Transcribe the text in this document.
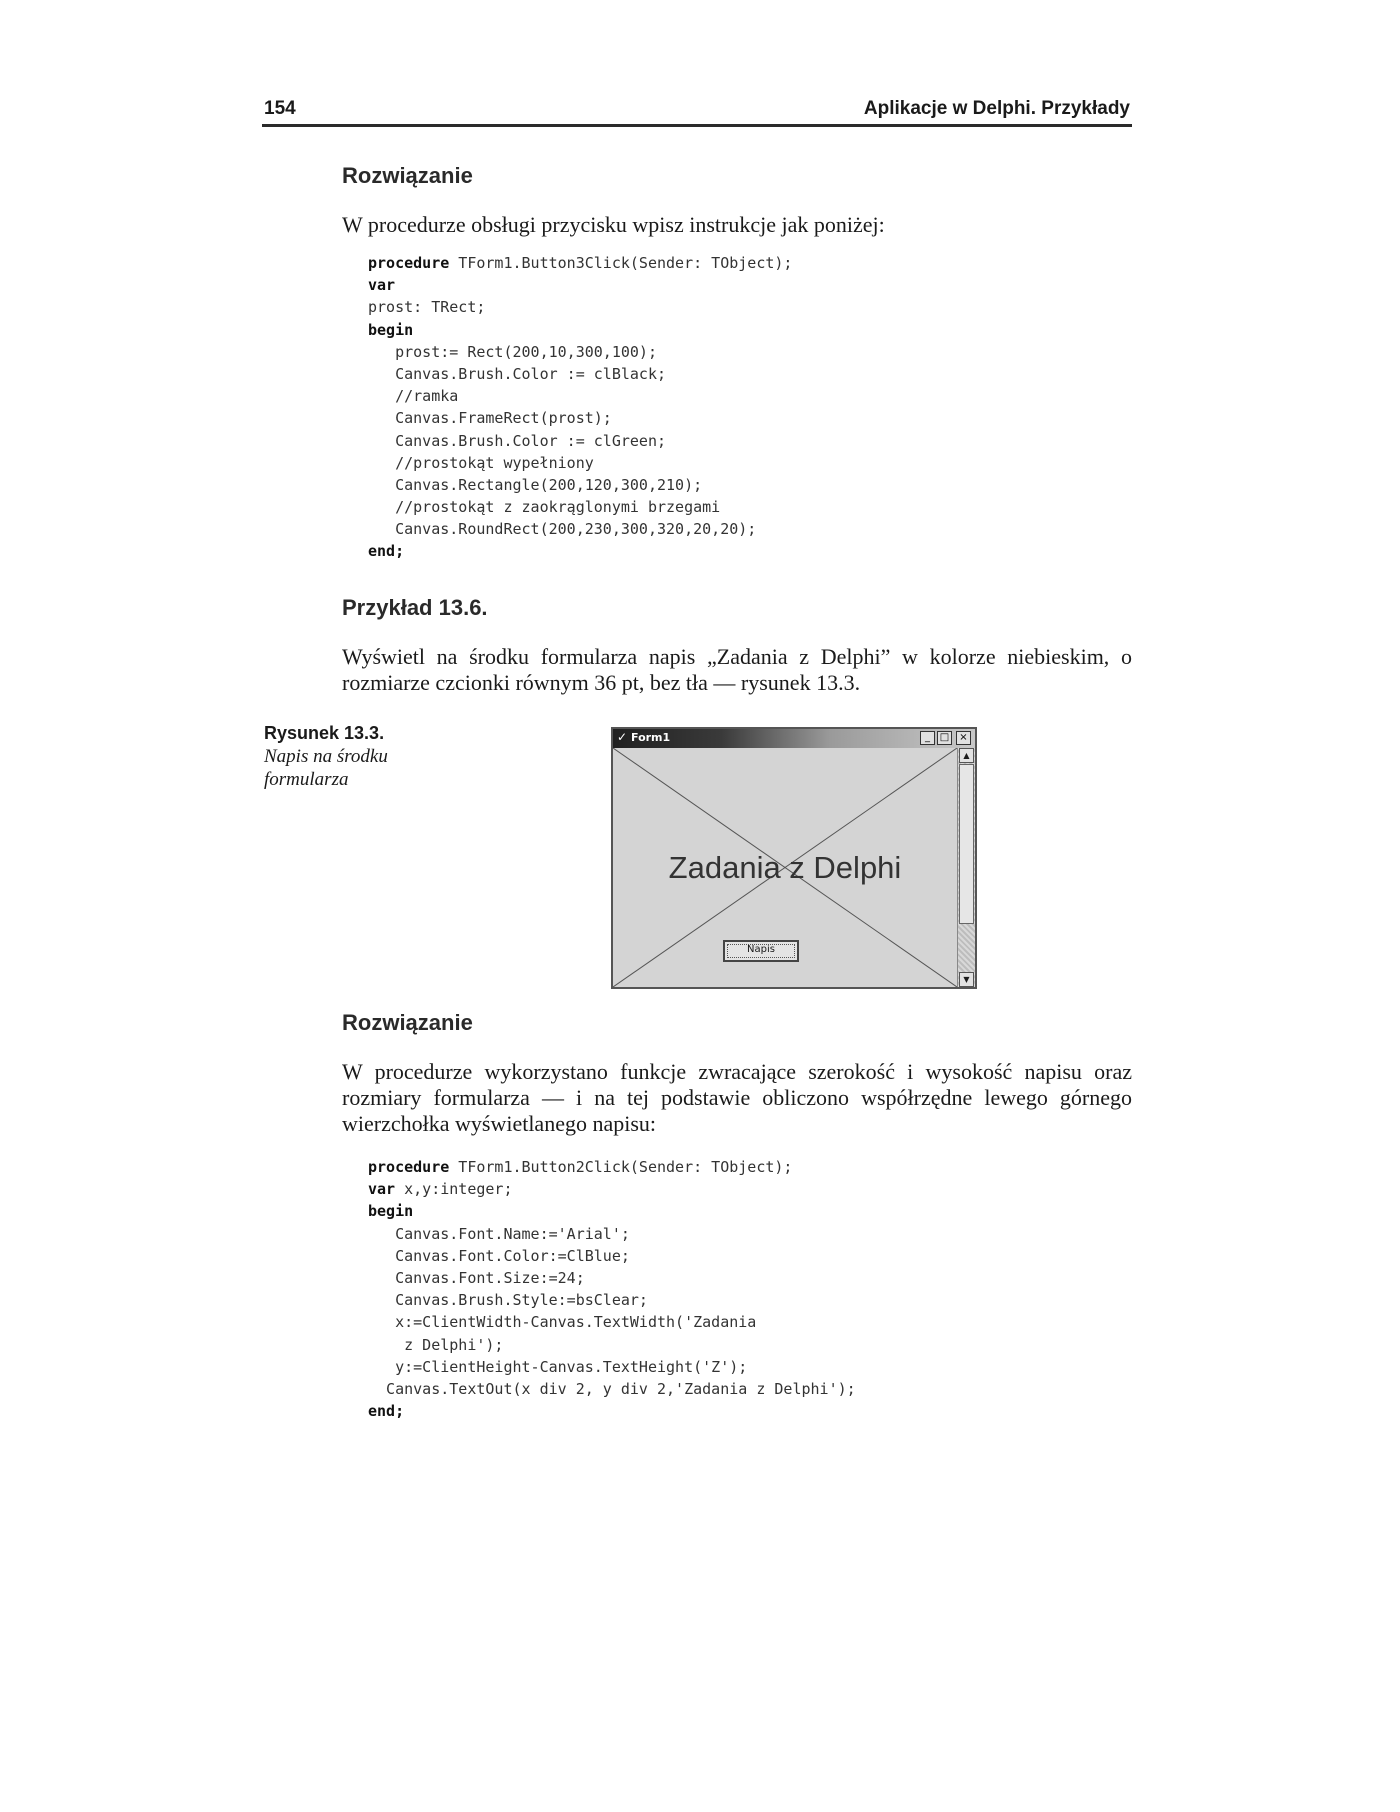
154	Aplikacje w Delphi. Przykłady
Rozwiązanie
W procedurze obsługi przycisku wpisz instrukcje jak poniżej:
procedure TForm1.Button3Click(Sender: TObject);
var
prost: TRect;
begin
prost:= Rect(200,10,300,100);
Canvas.Brush.Color := clBlack;
//ramka
Canvas.FrameRect(prost);
Canvas.Brush.Color := clGreen;
//prostokąt wypełniony
Canvas.Rectangle(200,120,300,210);
//prostokąt z zaokrąglonymi brzegami
Canvas.RoundRect(200,230,300,320,20,20);
end;
Przykład 13.6.
Wyświetl na środku formularza napis „Zadania z Delphi” w kolorze niebieskim, o rozmiarze czcionki równym 36 pt, bez tła — rysunek 13.3.
Rysunek 13.3.
Napis na środku formularza
✓ Form1	_ □	×
Zadania z Delphi
Napis
▲
▼
Rozwiązanie
W procedurze wykorzystano funkcje zwracające szerokość i wysokość napisu oraz rozmiary formularza — i na tej podstawie obliczono współrzędne lewego górnego wierzchołka wyświetlanego napisu:
procedure TForm1.Button2Click(Sender: TObject);
var x,y:integer;
begin
Canvas.Font.Name:='Arial';
Canvas.Font.Color:=ClBlue;
Canvas.Font.Size:=24;
Canvas.Brush.Style:=bsClear;
x:=ClientWidth-Canvas.TextWidth('Zadania
z Delphi');
y:=ClientHeight-Canvas.TextHeight('Z');
Canvas.TextOut(x div 2, y div 2,'Zadania z Delphi');
end;
